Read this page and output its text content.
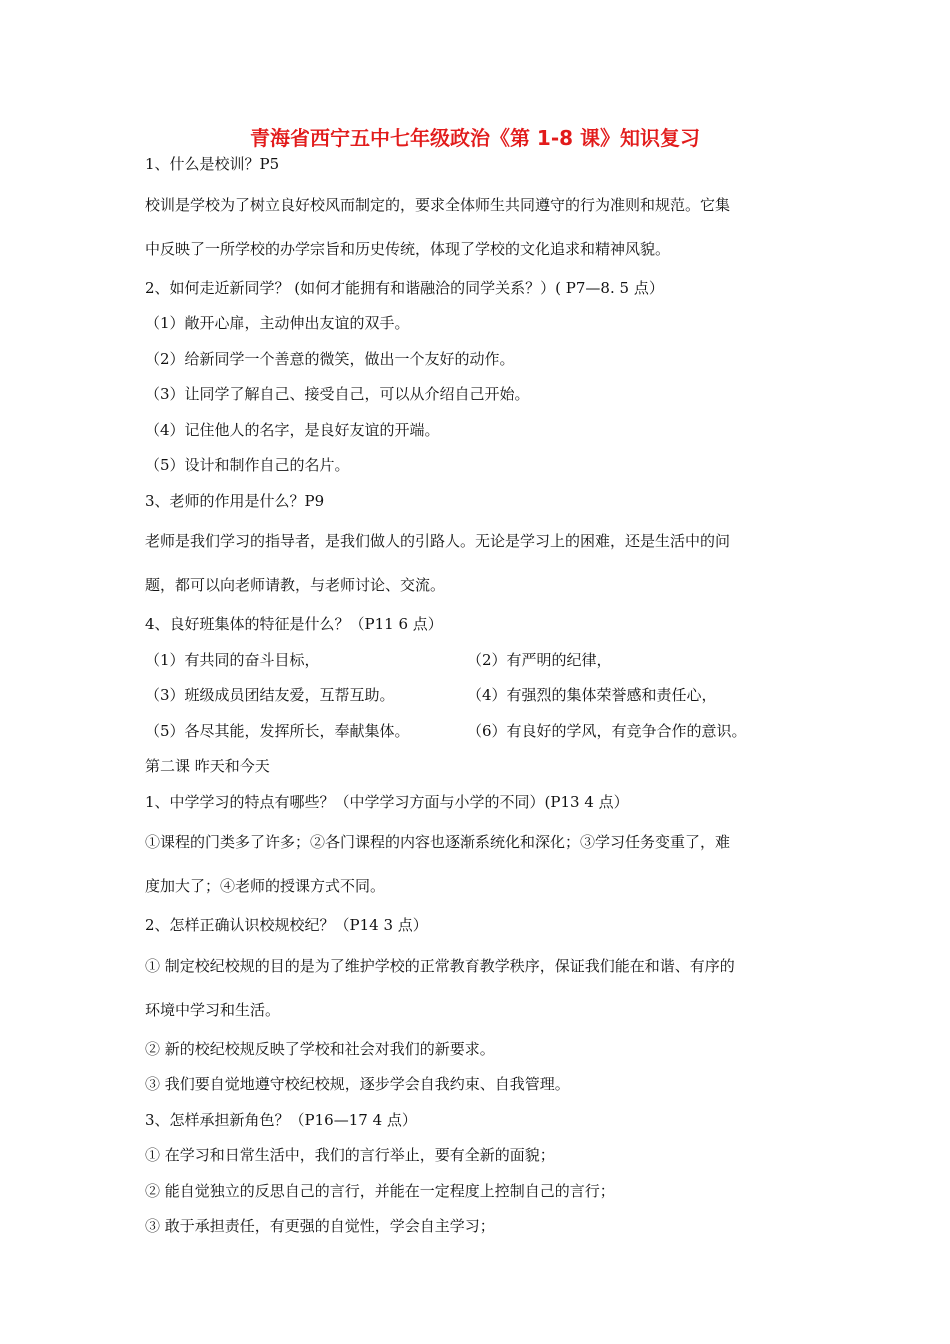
青海省西宁五中七年级政治《第 1-8 课》知识复习
1、什么是校训？P5
校训是学校为了树立良好校风而制定的，要求全体师生共同遵守的行为准则和规范。它集
中反映了一所学校的办学宗旨和历史传统，体现了学校的文化追求和精神风貌。
2、如何走近新同学？ (如何才能拥有和谐融洽的同学关系？）( P7—8. 5 点）
（1）敞开心扉，主动伸出友谊的双手。
（2）给新同学一个善意的微笑，做出一个友好的动作。
（3）让同学了解自己、接受自己，可以从介绍自己开始。
（4）记住他人的名字，是良好友谊的开端。
（5）设计和制作自己的名片。
3、老师的作用是什么？P9
老师是我们学习的指导者，是我们做人的引路人。无论是学习上的困难，还是生活中的问
题，都可以向老师请教，与老师讨论、交流。
4、良好班集体的特征是什么？（P11 6 点）
（1）有共同的奋斗目标，	（2）有严明的纪律，
（3）班级成员团结友爱，互帮互助。	（4）有强烈的集体荣誉感和责任心，
（5）各尽其能，发挥所长，奉献集体。	（6）有良好的学风，有竞争合作的意识。
第二课 昨天和今天
1、中学学习的特点有哪些？（中学学习方面与小学的不同）(P13 4 点）
①课程的门类多了许多；②各门课程的内容也逐渐系统化和深化；③学习任务变重了，难
度加大了；④老师的授课方式不同。
2、怎样正确认识校规校纪？（P14 3 点）
① 制定校纪校规的目的是为了维护学校的正常教育教学秩序，保证我们能在和谐、有序的
环境中学习和生活。
② 新的校纪校规反映了学校和社会对我们的新要求。
③ 我们要自觉地遵守校纪校规，逐步学会自我约束、自我管理。
3、怎样承担新角色？（P16—17 4 点）
① 在学习和日常生活中，我们的言行举止，要有全新的面貌；
② 能自觉独立的反思自己的言行，并能在一定程度上控制自己的言行；
③ 敢于承担责任，有更强的自觉性，学会自主学习；
